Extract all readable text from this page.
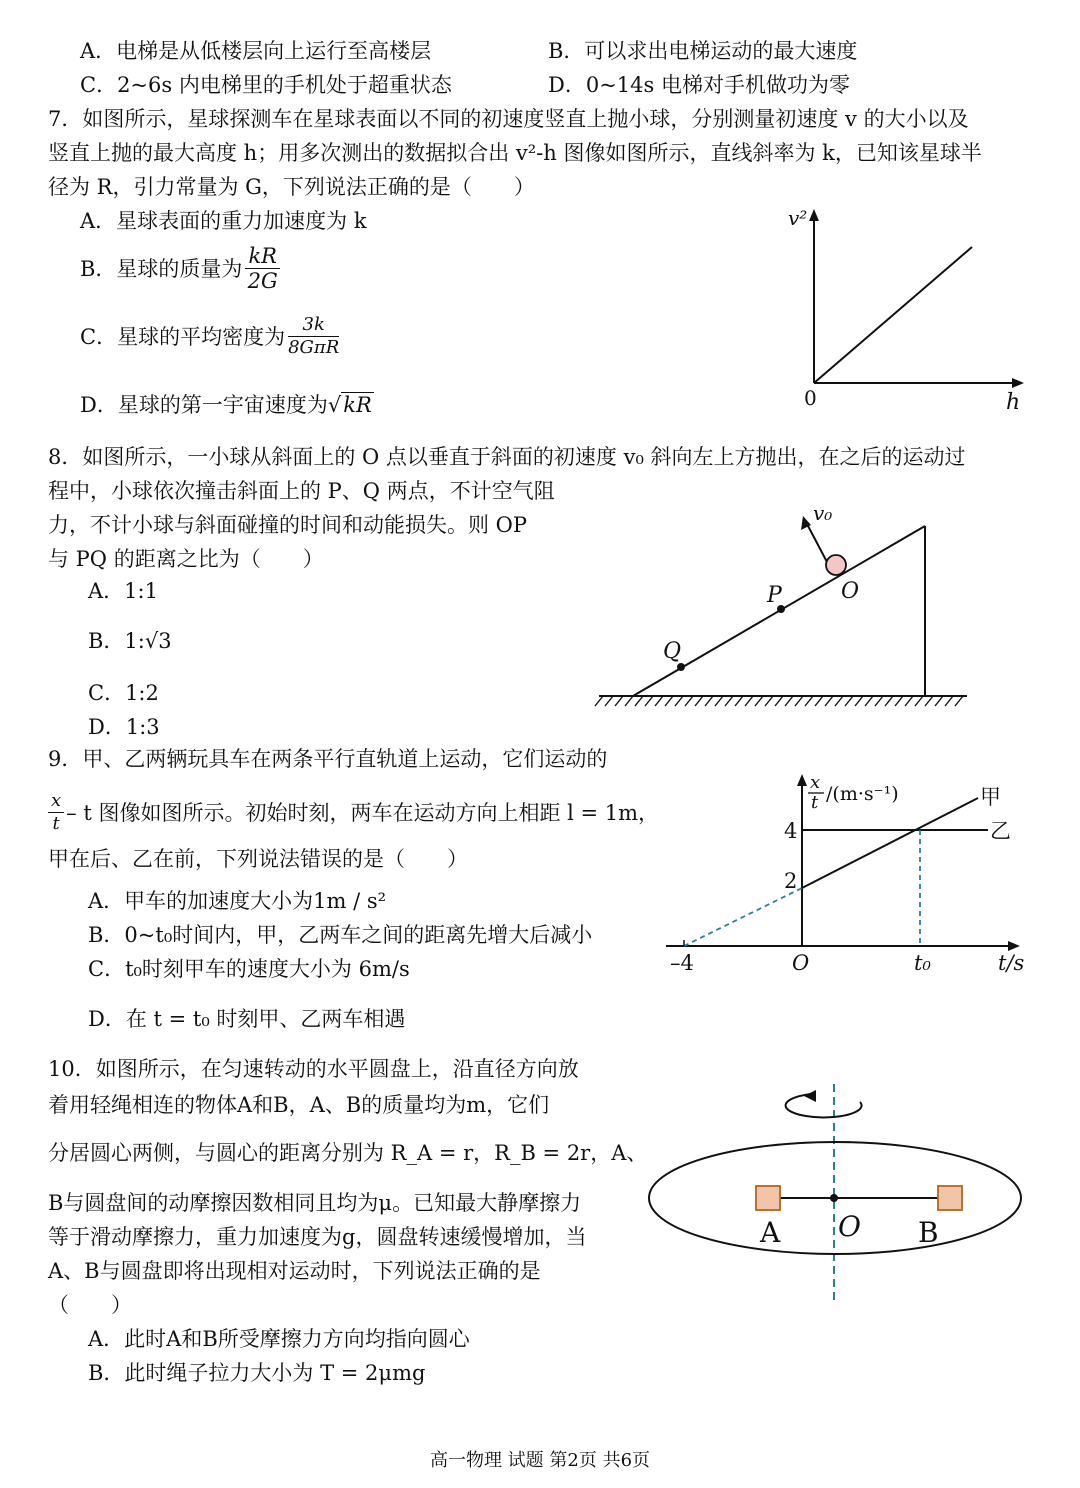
A．电梯是从低楼层向上运行至高楼层	B．可以求出电梯运动的最大速度
C．2~6s 内电梯里的手机处于超重状态	D．0~14s 电梯对手机做功为零
7．如图所示，星球探测车在星球表面以不同的初速度竖直上抛小球，分别测量初速度 v 的大小以及
竖直上抛的最大高度 h；用多次测出的数据拟合出 v²-h 图像如图所示，直线斜率为 k，已知该星球半
径为 R，引力常量为 G，下列说法正确的是（　　）
A．星球表面的重力加速度为 k
B．星球的质量为 $\frac{kR}{2G}$
C．星球的平均密度为 $\frac{3k}{\text{8GπR}}$
D．星球的第一宇宙速度为√kR
v²
h
0
8．如图所示，一小球从斜面上的 O 点以垂直于斜面的初速度 v₀ 斜向左上方抛出，在之后的运动过
程中，小球依次撞击斜面上的 P、Q 两点，不计空气阻
力，不计小球与斜面碰撞的时间和动能损失。则 OP
与 PQ 的距离之比为（　　）
A．1:1
B．1:√3
C．1:2
D．1:3
v₀
O
P
Q
9．甲、乙两辆玩具车在两条平行直轨道上运动，它们运动的
$\frac{x}{t}$ – t 图像如图所示。初始时刻，两车在运动方向上相距 l = 1m，
甲在后、乙在前，下列说法错误的是（　　）
A．甲车的加速度大小为1m / s²
B．0~t₀时间内，甲，乙两车之间的距离先增大后减小
C．t₀时刻甲车的速度大小为 6m/s
D．在 t = t₀ 时刻甲、乙两车相遇
x
t /(m·s⁻¹)	甲
乙
4
2
–4	O	t₀	t/s
10．如图所示，在匀速转动的水平圆盘上，沿直径方向放
着用轻绳相连的物体A和B，A、B的质量均为m，它们
分居圆心两侧，与圆心的距离分别为 R_A = r，R_B = 2r，A、
B与圆盘间的动摩擦因数相同且均为μ。已知最大静摩擦力
等于滑动摩擦力，重力加速度为g，圆盘转速缓慢增加，当
A、B与圆盘即将出现相对运动时，下列说法正确的是
（　　）
A．此时A和B所受摩擦力方向均指向圆心
B．此时绳子拉力大小为 T = 2μmg
A O B
高一物理 试题 第2页 共6页
